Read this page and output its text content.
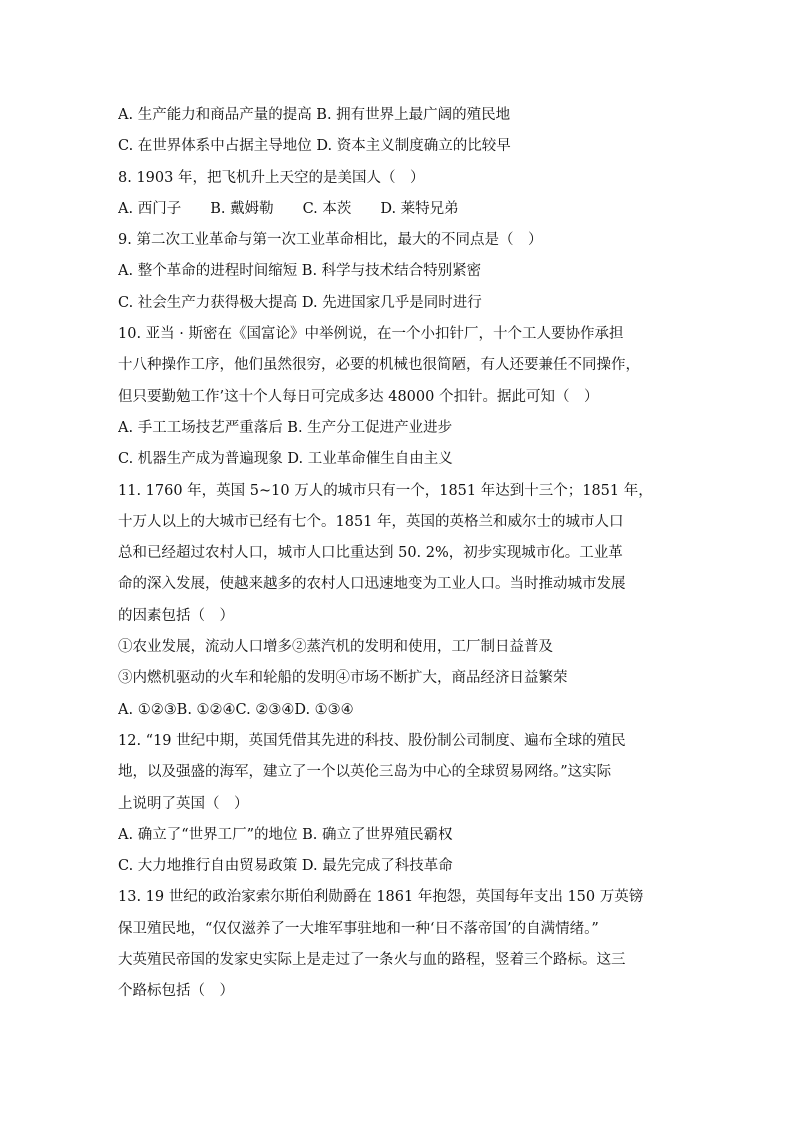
A. 生产能力和商品产量的提高 B. 拥有世界上最广阔的殖民地
C. 在世界体系中占据主导地位 D. 资本主义制度确立的比较早
8. 1903 年，把飞机升上天空的是美国人（　）
A. 西门子　　B. 戴姆勒　　C. 本茨　　D. 莱特兄弟
9. 第二次工业革命与第一次工业革命相比，最大的不同点是（　）
A. 整个革命的进程时间缩短 B. 科学与技术结合特别紧密
C. 社会生产力获得极大提高 D. 先进国家几乎是同时进行
10. 亚当 · 斯密在《国富论》中举例说，在一个小扣针厂，十个工人要协作承担
十八种操作工序，他们虽然很穷，必要的机械也很简陋，有人还要兼任不同操作，
但只要勤勉工作’这十个人每日可完成多达 48000 个扣针。据此可知（　）
A. 手工工场技艺严重落后 B. 生产分工促进产业进步
C. 机器生产成为普遍现象 D. 工业革命催生自由主义
11. 1760 年，英国 5~10 万人的城市只有一个，1851 年达到十三个；1851 年，
十万人以上的大城市已经有七个。1851 年，英国的英格兰和威尔士的城市人口
总和已经超过农村人口，城市人口比重达到 50. 2%，初步实现城市化。工业革
命的深入发展，使越来越多的农村人口迅速地变为工业人口。当时推动城市发展
的因素包括（　）
①农业发展，流动人口增多②蒸汽机的发明和使用，工厂制日益普及
③内燃机驱动的火车和轮船的发明④市场不断扩大，商品经济日益繁荣
A. ①②③B. ①②④C. ②③④D. ①③④
12. “19 世纪中期，英国凭借其先进的科技、股份制公司制度、遍布全球的殖民
地，以及强盛的海军，建立了一个以英伦三岛为中心的全球贸易网络。”这实际
上说明了英国（　）
A. 确立了“世界工厂”的地位 B. 确立了世界殖民霸权
C. 大力地推行自由贸易政策 D. 最先完成了科技革命
13. 19 世纪的政治家索尔斯伯利勋爵在 1861 年抱怨，英国每年支出 150 万英镑
保卫殖民地，“仅仅滋养了一大堆军事驻地和一种‘日不落帝国’的自满情绪。”
大英殖民帝国的发家史实际上是走过了一条火与血的路程，竖着三个路标。这三
个路标包括（　）
